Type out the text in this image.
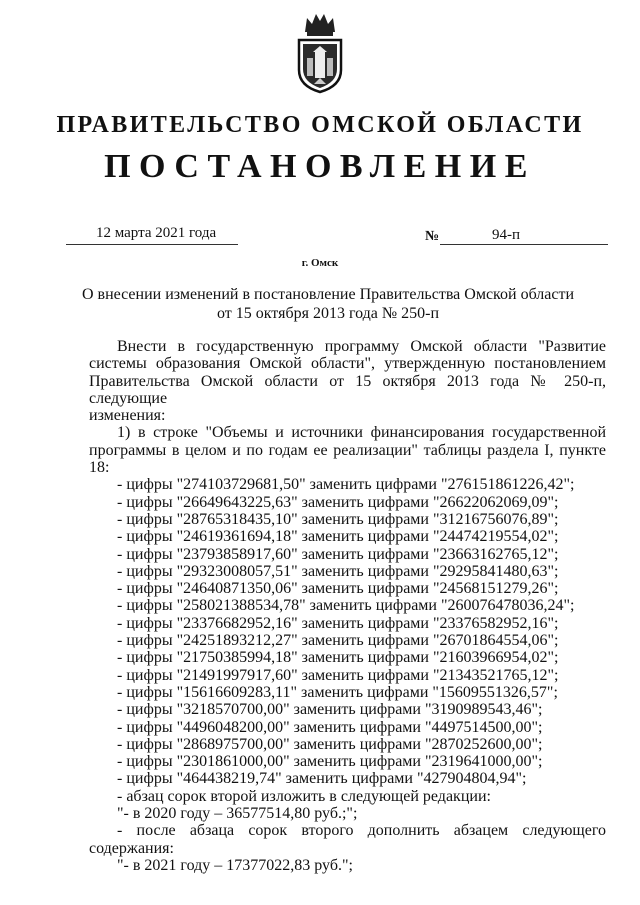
ПРАВИТЕЛЬСТВО ОМСКОЙ ОБЛАСТИ
ПОСТАНОВЛЕНИЕ
12 марта 2021 года	№	94-п
г. Омск
О внесении изменений в постановление Правительства Омской области
от 15 октября 2013 года № 250-п

Внести в государственную программу Омской области "Развитие

системы образования Омской области", утвержденную постановлением

Правительства Омской области от 15 октября 2013 года № 250-п, следующие

изменения:

1) в строке "Объемы и источники финансирования государственной

программы в целом и по годам ее реализации" таблицы раздела I, пункте 18:

- цифры "274103729681,50" заменить цифрами "276151861226,42";

- цифры "26649643225,63" заменить цифрами "26622062069,09";

- цифры "28765318435,10" заменить цифрами "31216756076,89";

- цифры "24619361694,18" заменить цифрами "24474219554,02";

- цифры "23793858917,60" заменить цифрами "23663162765,12";

- цифры "29323008057,51" заменить цифрами "29295841480,63";

- цифры "24640871350,06" заменить цифрами "24568151279,26";

- цифры "258021388534,78" заменить цифрами "260076478036,24";

- цифры "23376682952,16" заменить цифрами "23376582952,16";

- цифры "24251893212,27" заменить цифрами "26701864554,06";

- цифры "21750385994,18" заменить цифрами "21603966954,02";

- цифры "21491997917,60" заменить цифрами "21343521765,12";

- цифры "15616609283,11" заменить цифрами "15609551326,57";

- цифры "3218570700,00" заменить цифрами "3190989543,46";

- цифры "4496048200,00" заменить цифрами "4497514500,00";

- цифры "2868975700,00" заменить цифрами "2870252600,00";

- цифры "2301861000,00" заменить цифрами "2319641000,00";

- цифры "464438219,74" заменить цифрами "427904804,94";

- абзац сорок второй изложить в следующей редакции:

"- в 2020 году – 36577514,80 руб.;";

- после абзаца сорок второго дополнить абзацем следующего

содержания:

"- в 2021 году – 17377022,83 руб.";
